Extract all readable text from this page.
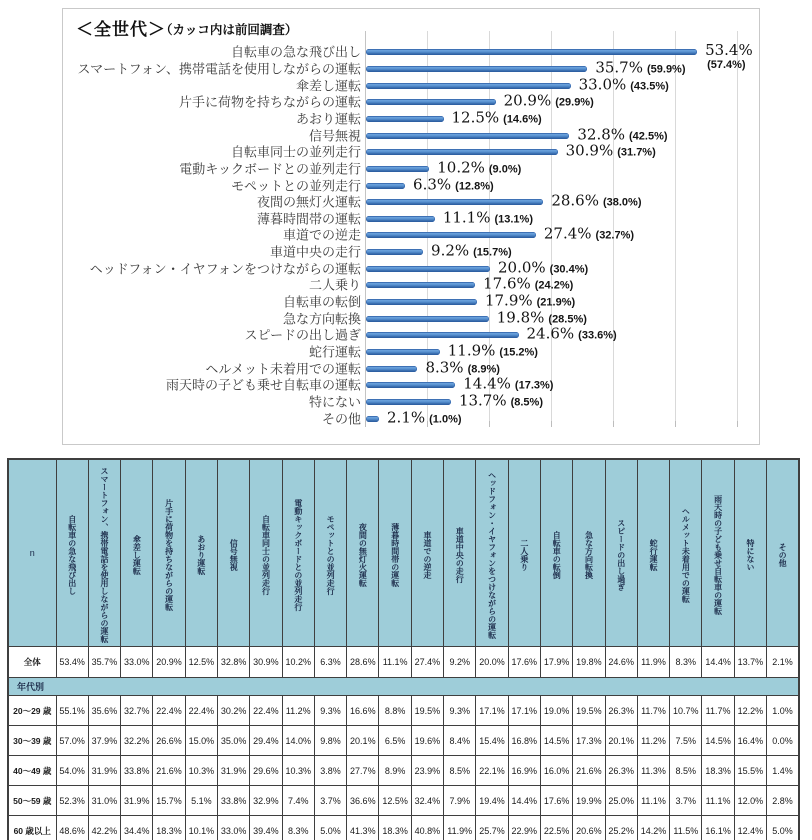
＜全世代＞
（カッコ内は前回調査）
自転車の急な飛び出し	53.4%
(57.4%)
スマートフォン、携帯電話を使用しながらの運転	35.7% (59.9%)
傘差し運転	33.0% (43.5%)
片手に荷物を持ちながらの運転	20.9% (29.9%)
あおり運転	12.5% (14.6%)
信号無視	32.8% (42.5%)
自転車同士の並列走行	30.9% (31.7%)
電動キックボードとの並列走行	10.2% (9.0%)
モペットとの並列走行	6.3% (12.8%)
夜間の無灯火運転	28.6% (38.0%)
薄暮時間帯の運転	11.1% (13.1%)
車道での逆走	27.4% (32.7%)
車道中央の走行	9.2% (15.7%)
ヘッドフォン・イヤフォンをつけながらの運転	20.0% (30.4%)
二人乗り	17.6% (24.2%)
自転車の転倒	17.9% (21.9%)
急な方向転換	19.8% (28.5%)
スピードの出し過ぎ	24.6% (33.6%)
蛇行運転	11.9% (15.2%)
ヘルメット未着用での運転	8.3% (8.9%)
雨天時の子ども乗せ自転車の運転	14.4% (17.3%)
特にない	13.7% (8.5%)
その他 2.1% (1.0%)
n	自転車の急な飛び出し	スマートフォン、携帯電話を使用しながらの運転	傘差し運転	片手に荷物を持ちながらの運転	あおり運転	信号無視	自転車同士の並列走行	電動キックボードとの並列走行	モペットとの並列走行	夜間の無灯火運転	薄暮時間帯の運転	車道での逆走	車道中央の走行	ヘッドフォン・イヤフォンをつけながらの運転	二人乗り	自転車の転倒	急な方向転換	スピードの出し過ぎ	蛇行運転	ヘルメット未着用での運転	雨天時の子ども乗せ自転車の運転	特にない	その他

全体	53.4%	35.7%	33.0%	20.9%	12.5%	32.8%	30.9%	10.2%	6.3%	28.6%	11.1%	27.4%	9.2%	20.0%	17.6%	17.9%	19.8%	24.6%	11.9%	8.3%	14.4%	13.7%	2.1%
年代別																							
20～29 歳	55.1%	35.6%	32.7%	22.4%	22.4%	30.2%	22.4%	11.2%	9.3%	16.6%	8.8%	19.5%	9.3%	17.1%	17.1%	19.0%	19.5%	26.3%	11.7%	10.7%	11.7%	12.2%	1.0%
30～39 歳	57.0%	37.9%	32.2%	26.6%	15.0%	35.0%	29.4%	14.0%	9.8%	20.1%	6.5%	19.6%	8.4%	15.4%	16.8%	14.5%	17.3%	20.1%	11.2%	7.5%	14.5%	16.4%	0.0%
40～49 歳	54.0%	31.9%	33.8%	21.6%	10.3%	31.9%	29.6%	10.3%	3.8%	27.7%	8.9%	23.9%	8.5%	22.1%	16.9%	16.0%	21.6%	26.3%	11.3%	8.5%	18.3%	15.5%	1.4%
50～59 歳	52.3%	31.0%	31.9%	15.7%	5.1%	33.8%	32.9%	7.4%	3.7%	36.6%	12.5%	32.4%	7.9%	19.4%	14.4%	17.6%	19.9%	25.0%	11.1%	3.7%	11.1%	12.0%	2.8%
60 歳以上	48.6%	42.2%	34.4%	18.3%	10.1%	33.0%	39.4%	8.3%	5.0%	41.3%	18.3%	40.8%	11.9%	25.7%	22.9%	22.5%	20.6%	25.2%	14.2%	11.5%	16.1%	12.4%	5.0%
